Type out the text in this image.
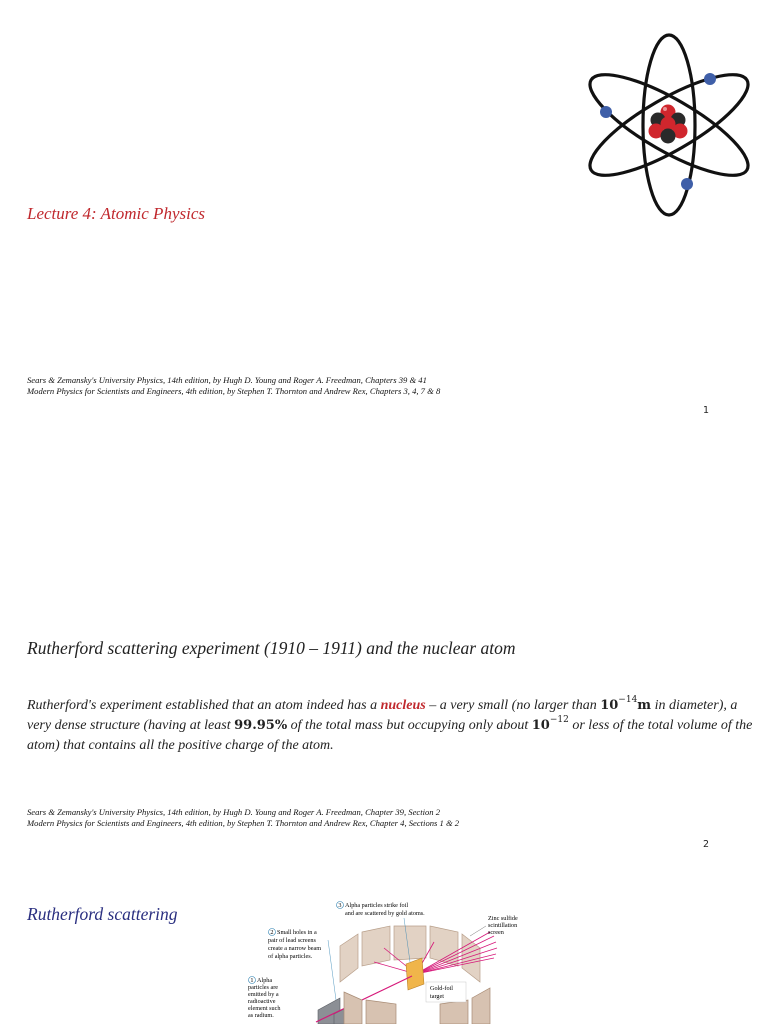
Lecture 4: Atomic Physics

Sears & Zemansky's University Physics, 14th edition, by Hugh D. Young and Roger A. Freedman, Chapters 39 & 41

Modern Physics for Scientists and Engineers, 4th edition, by Stephen T. Thornton and Andrew Rex, Chapters 3, 4, 7 & 8

1
Rutherford scattering experiment (1910 – 1911) and the nuclear atom
Rutherford's experiment established that an atom indeed has a nucleus – a very small (no larger than $10^{-14}m$ in diameter), a very dense structure (having at least 99.95% of the total mass but occupying only about $10^{-12}$ or less of the total volume of the atom) that contains all the positive charge of the atom.

Sears & Zemansky's University Physics, 14th edition, by Hugh D. Young and Roger A. Freedman, Chapter 39, Section 2

Modern Physics for Scientists and Engineers, 4th edition, by Stephen T. Thornton and Andrew Rex, Chapter 4, Sections 1 & 2

2
Rutherford scattering
Gold-foil
target
3 Alpha particles strike foil
and are scattered by gold atoms.
2 Small holes in a
pair of lead screens
create a narrow beam
of alpha particles.
1 Alpha
particles are
emitted by a
radioactive
element such
as radium.
Zinc sulfide
scintillation
screen
